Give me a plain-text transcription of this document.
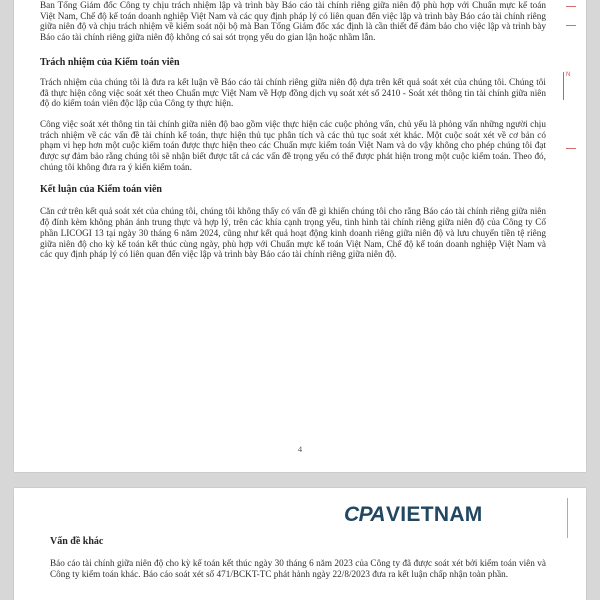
N

Ban Tổng Giám đốc Công ty chịu trách nhiệm lập và trình bày Báo cáo tài chính riêng giữa niên độ phù hợp với Chuẩn mực kế toán Việt Nam, Chế độ kế toán doanh nghiệp Việt Nam và các quy định pháp lý có liên quan đến việc lập và trình bày Báo cáo tài chính riêng giữa niên độ và chịu trách nhiệm về kiểm soát nội bộ mà Ban Tổng Giám đốc xác định là cần thiết để đảm bảo cho việc lập và trình bày Báo cáo tài chính riêng giữa niên độ không có sai sót trọng yếu do gian lận hoặc nhầm lẫn.

Trách nhiệm của Kiểm toán viên

Trách nhiệm của chúng tôi là đưa ra kết luận về Báo cáo tài chính riêng giữa niên độ dựa trên kết quả soát xét của chúng tôi. Chúng tôi đã thực hiện công việc soát xét theo Chuẩn mực Việt Nam về Hợp đồng dịch vụ soát xét số 2410 - Soát xét thông tin tài chính giữa niên độ do kiểm toán viên độc lập của Công ty thực hiện.

Công việc soát xét thông tin tài chính giữa niên độ bao gồm việc thực hiện các cuộc phỏng vấn, chủ yếu là phỏng vấn những người chịu trách nhiệm về các vấn đề tài chính kế toán, thực hiện thủ tục phân tích và các thủ tục soát xét khác. Một cuộc soát xét về cơ bản có phạm vi hẹp hơn một cuộc kiểm toán được thực hiện theo các Chuẩn mực kiểm toán Việt Nam và do vậy không cho phép chúng tôi đạt được sự đảm bảo rằng chúng tôi sẽ nhận biết được tất cả các vấn đề trọng yếu có thể được phát hiện trong một cuộc kiểm toán. Theo đó, chúng tôi không đưa ra ý kiến kiểm toán.

Kết luận của Kiểm toán viên

Căn cứ trên kết quả soát xét của chúng tôi, chúng tôi không thấy có vấn đề gì khiến chúng tôi cho rằng Báo cáo tài chính riêng giữa niên độ đính kèm không phản ánh trung thực và hợp lý, trên các khía cạnh trọng yếu, tình hình tài chính riêng giữa niên độ của Công ty Cổ phần LICOGI 13 tại ngày 30 tháng 6 năm 2024, cũng như kết quả hoạt động kinh doanh riêng giữa niên độ và lưu chuyển tiền tệ riêng giữa niên độ cho kỳ kế toán kết thúc cùng ngày, phù hợp với Chuẩn mực kế toán Việt Nam, Chế độ kế toán doanh nghiệp Việt Nam và các quy định pháp lý có liên quan đến việc lập và trình bày Báo cáo tài chính riêng giữa niên độ.

4
CPAVIETNAM
Vấn đề khác

Báo cáo tài chính giữa niên độ cho kỳ kế toán kết thúc ngày 30 tháng 6 năm 2023 của Công ty đã được soát xét bởi kiểm toán viên và Công ty kiểm toán khác. Báo cáo soát xét số 471/BCKT-TC phát hành ngày 22/8/2023 đưa ra kết luận chấp nhận toàn phần.
